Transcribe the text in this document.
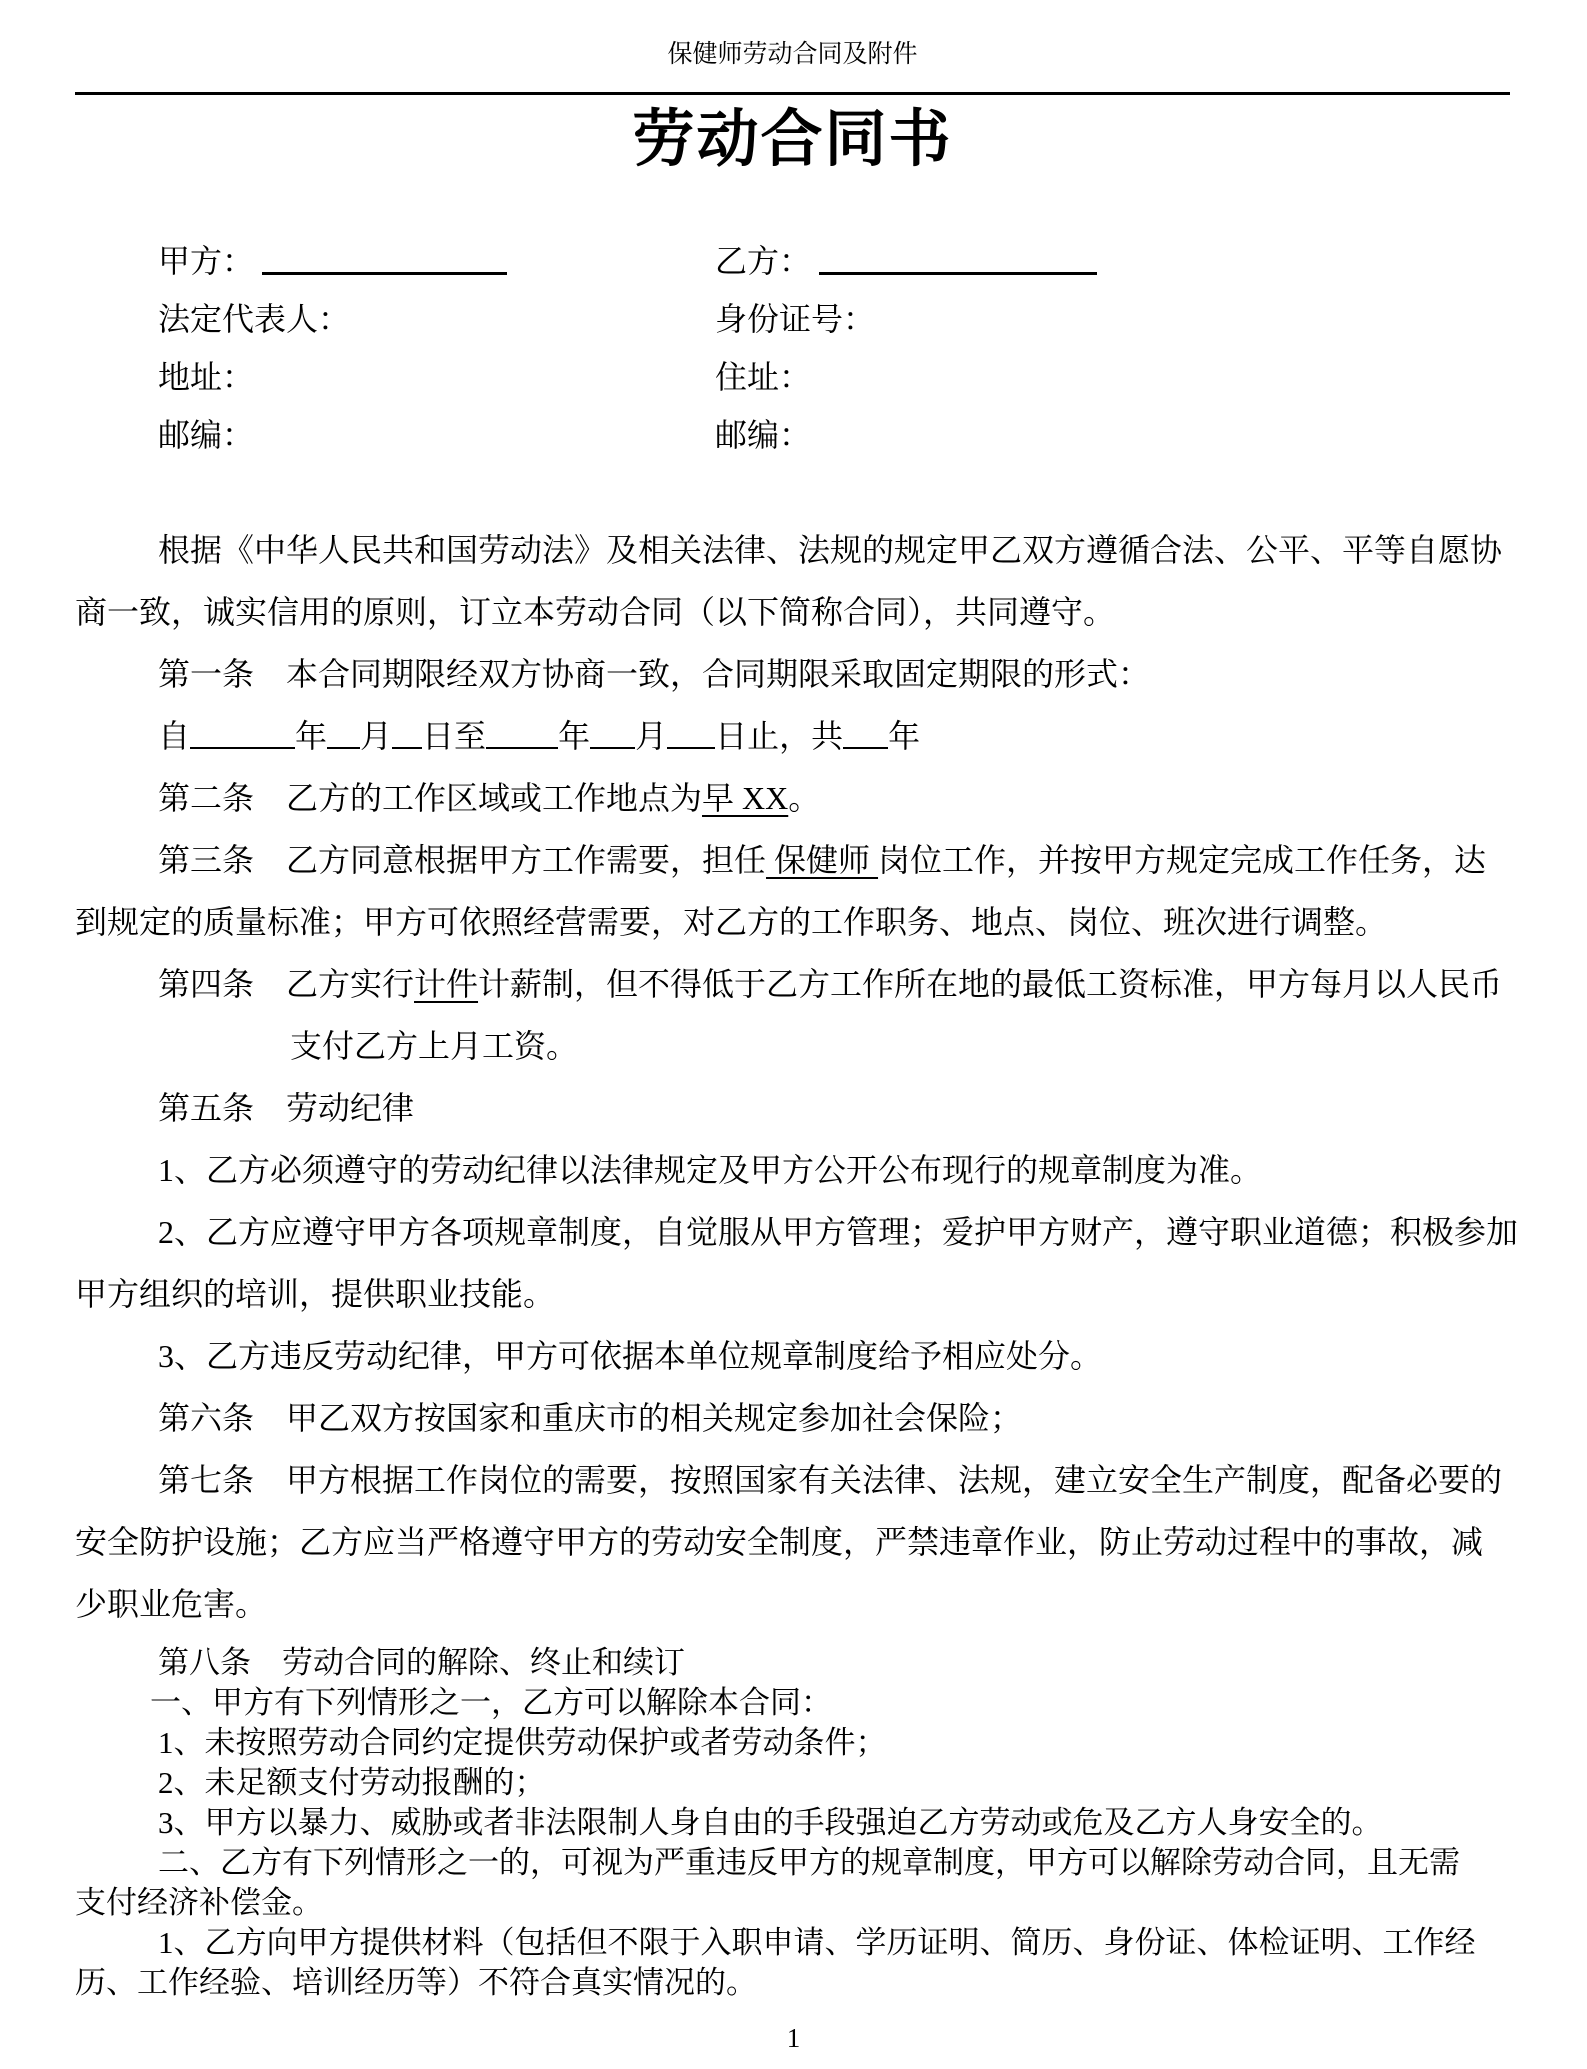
保健师劳动合同及附件
劳动合同书
甲方：	乙方：
法定代表人：	身份证号：
地址：	住址：
邮编：	邮编：
根据《中华人民共和国劳动法》及相关法律、法规的规定甲乙双方遵循合法、公平、平等自愿协
商一致，诚实信用的原则，订立本劳动合同（以下简称合同），共同遵守。
第一条　本合同期限经双方协商一致，合同期限采取固定期限的形式：
自	年 月 日至 年 月 日止，共 年
第二条　乙方的工作区域或工作地点为早 XX。
第三条　乙方同意根据甲方工作需要，担任 保健师 岗位工作，并按甲方规定完成工作任务，达
到规定的质量标准；甲方可依照经营需要，对乙方的工作职务、地点、岗位、班次进行调整。
第四条　乙方实行计件计薪制，但不得低于乙方工作所在地的最低工资标准，甲方每月以人民币
支付乙方上月工资。
第五条　劳动纪律
1、乙方必须遵守的劳动纪律以法律规定及甲方公开公布现行的规章制度为准。
2、乙方应遵守甲方各项规章制度，自觉服从甲方管理；爱护甲方财产，遵守职业道德；积极参加
甲方组织的培训，提供职业技能。
3、乙方违反劳动纪律，甲方可依据本单位规章制度给予相应处分。
第六条　甲乙双方按国家和重庆市的相关规定参加社会保险；
第七条　甲方根据工作岗位的需要，按照国家有关法律、法规，建立安全生产制度，配备必要的
安全防护设施；乙方应当严格遵守甲方的劳动安全制度，严禁违章作业，防止劳动过程中的事故，减
少职业危害。
第八条　劳动合同的解除、终止和续订
一、甲方有下列情形之一，乙方可以解除本合同：
1、未按照劳动合同约定提供劳动保护或者劳动条件；
2、未足额支付劳动报酬的；
3、甲方以暴力、威胁或者非法限制人身自由的手段强迫乙方劳动或危及乙方人身安全的。
二、乙方有下列情形之一的，可视为严重违反甲方的规章制度，甲方可以解除劳动合同，且无需
支付经济补偿金。
1、乙方向甲方提供材料（包括但不限于入职申请、学历证明、简历、身份证、体检证明、工作经
历、工作经验、培训经历等）不符合真实情况的。
1
